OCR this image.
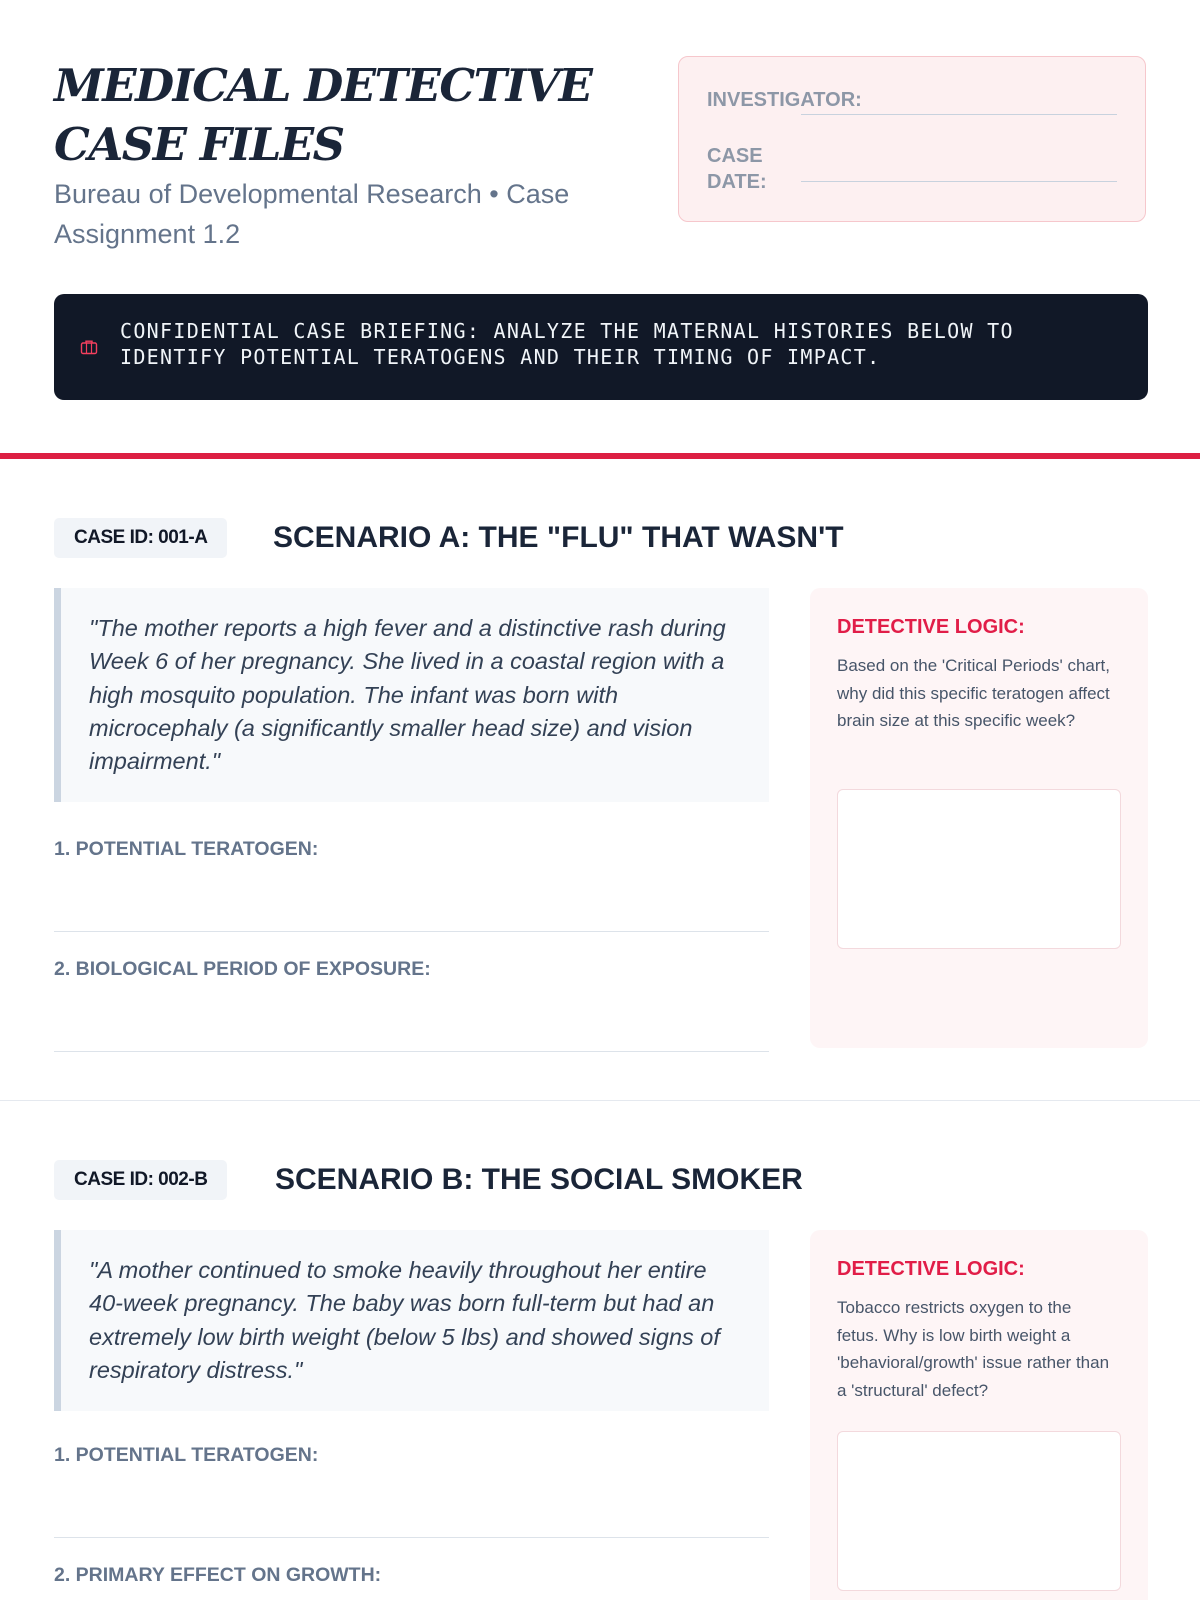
MEDICAL DETECTIVE
CASE FILES

Bureau of Developmental Research • Case Assignment 1.2

INVESTIGATOR:
CASE DATE:

CONFIDENTIAL CASE BRIEFING: ANALYZE THE MATERNAL HISTORIES BELOW TO IDENTIFY POTENTIAL TERATOGENS AND THEIR TIMING OF IMPACT.

CASE ID: 001-A	SCENARIO A: THE "FLU" THAT WASN'T
"The mother reports a high fever and a distinctive rash during Week 6 of her pregnancy. She lived in a coastal region with a high mosquito population. The infant was born with microcephaly (a significantly smaller head size) and vision impairment."
1. POTENTIAL TERATOGEN:
2. BIOLOGICAL PERIOD OF EXPOSURE:
DETECTIVE LOGIC:

Based on the 'Critical Periods' chart, why did this specific teratogen affect brain size at this specific week?

CASE ID: 002-B	SCENARIO B: THE SOCIAL SMOKER
"A mother continued to smoke heavily throughout her entire 40-week pregnancy. The baby was born full-term but had an extremely low birth weight (below 5 lbs) and showed signs of respiratory distress."
1. POTENTIAL TERATOGEN:
2. PRIMARY EFFECT ON GROWTH:
DETECTIVE LOGIC:

Tobacco restricts oxygen to the fetus. Why is low birth weight a 'behavioral/growth' issue rather than a 'structural' defect?
